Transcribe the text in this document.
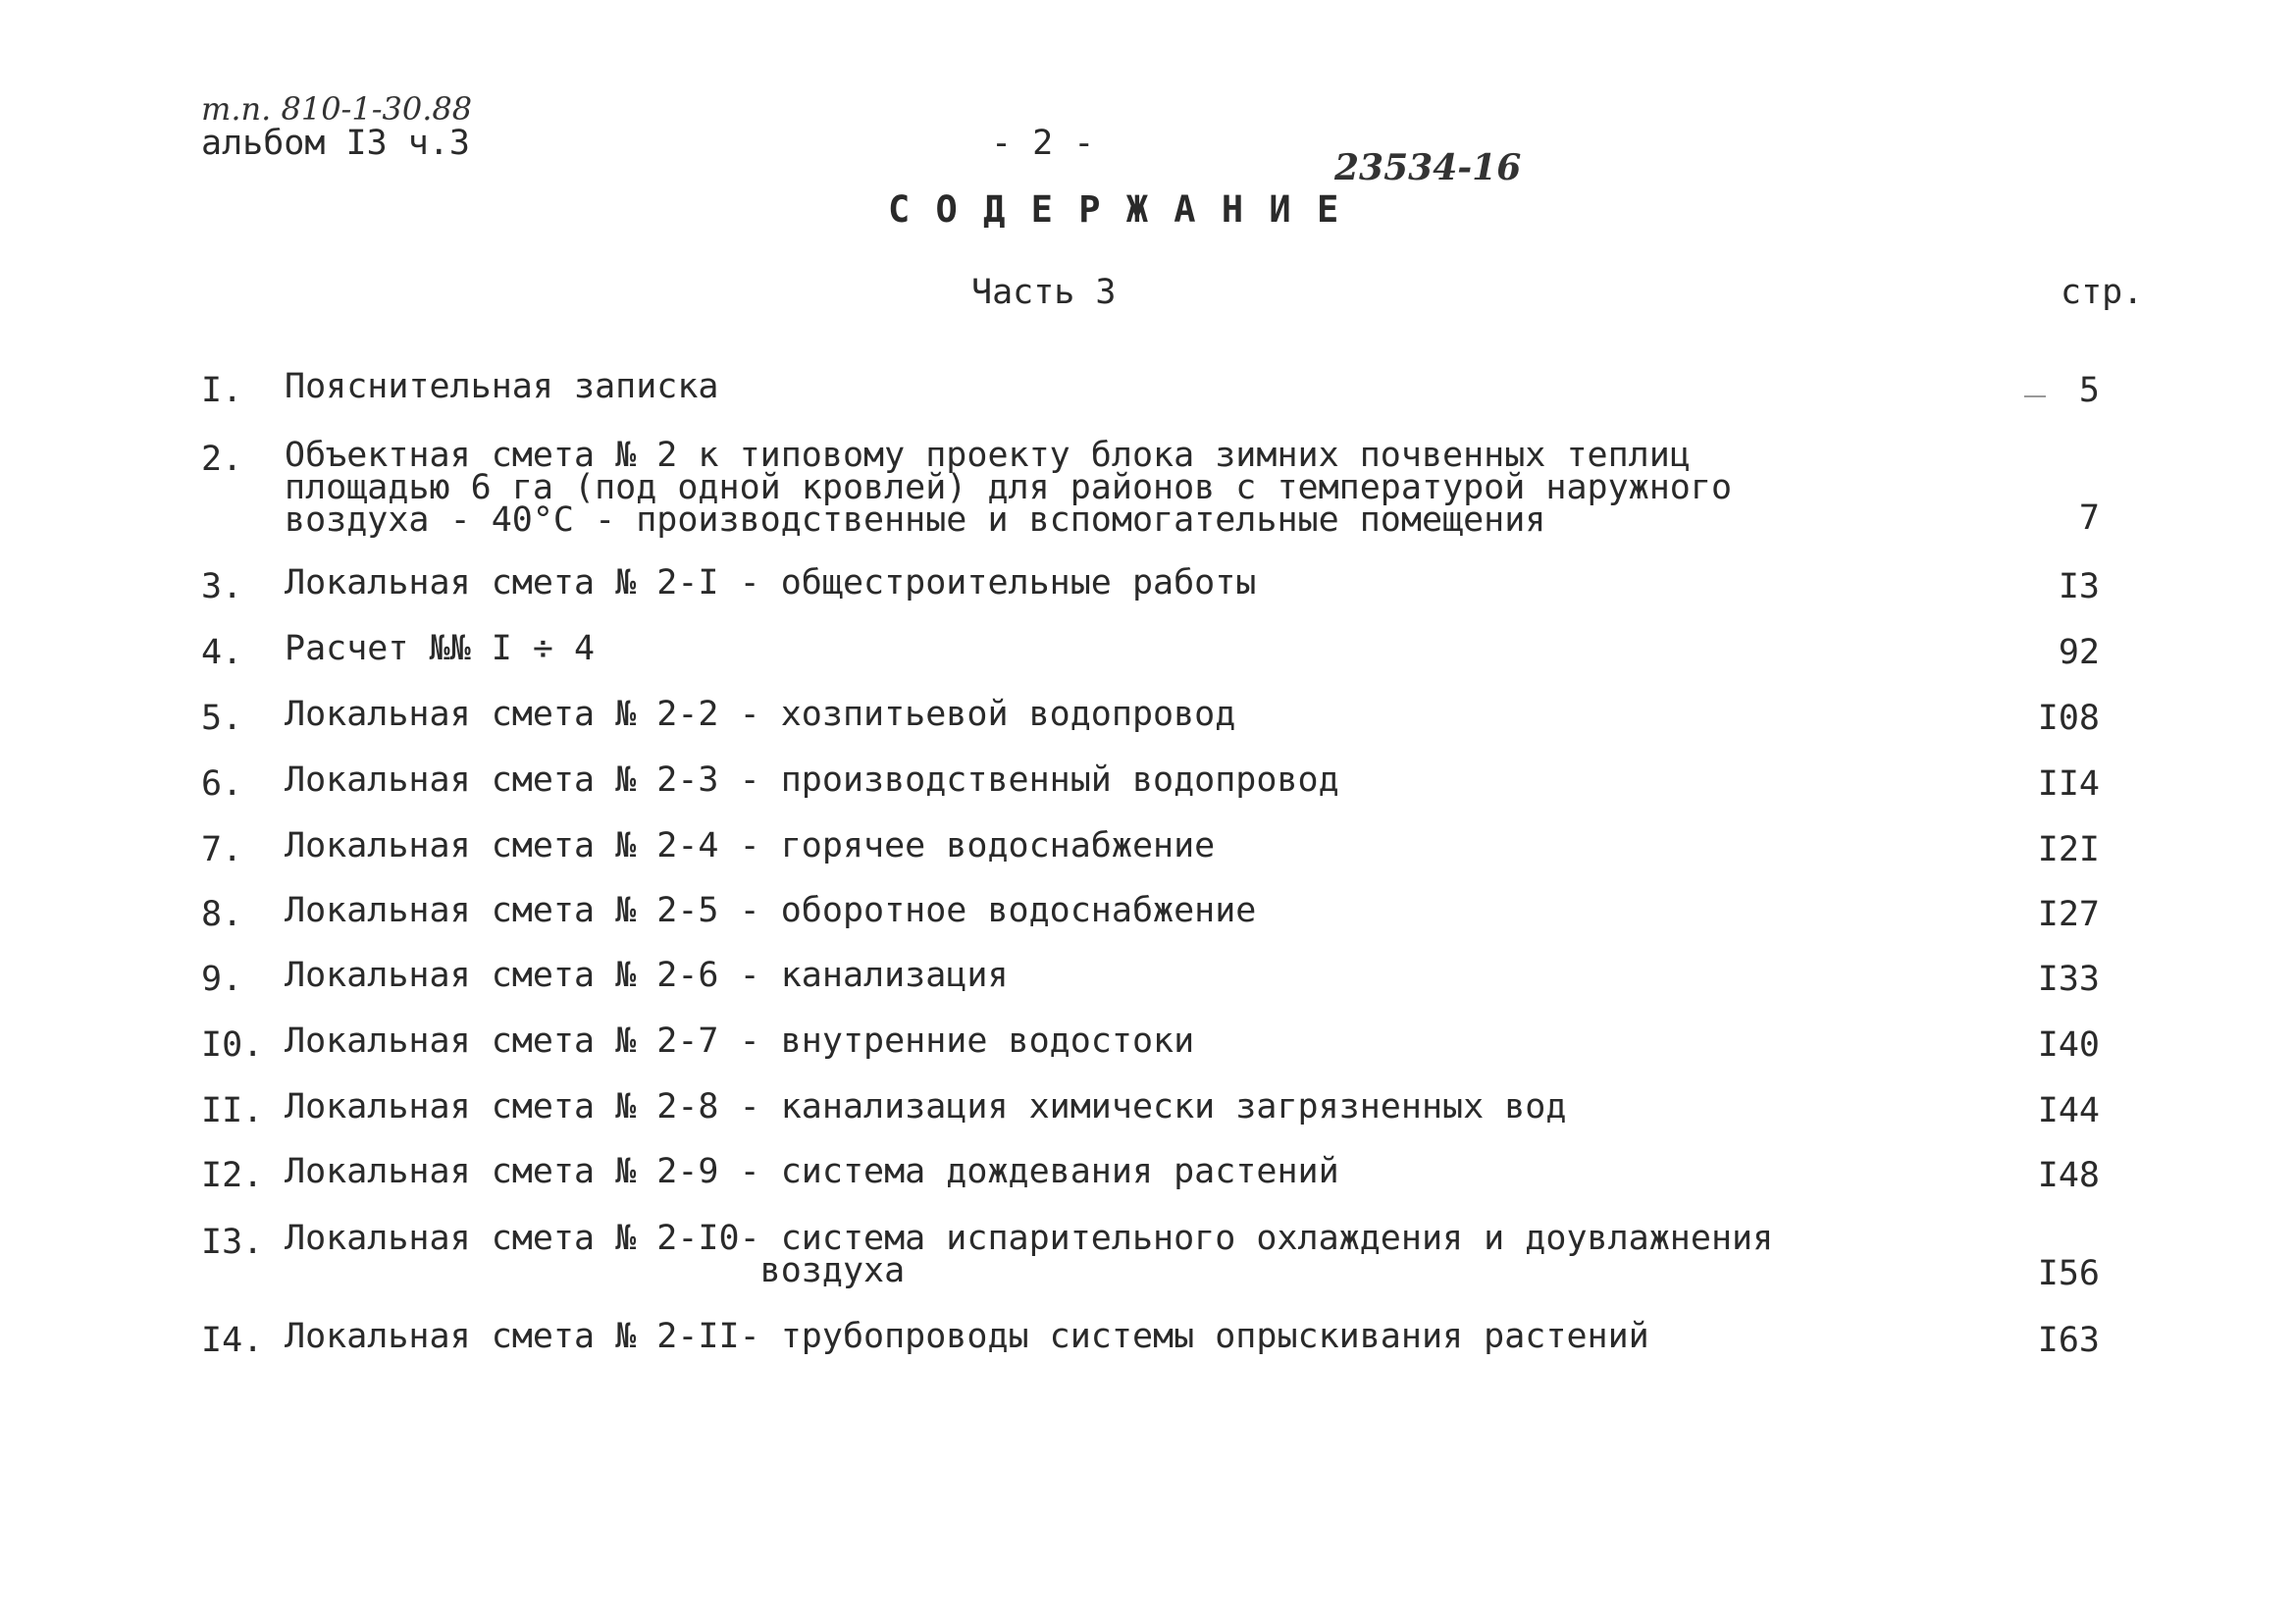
т.п. 810-1-30.88
альбом I3 ч.3	- 2 -
23534-16
С О Д Е Р Ж А Н И Е
Часть 3	стр.
I. Пояснительная записка	5
2. Объектная смета № 2 к типовому проекту блока зимних почвенных теплиц
площадью 6 га (под одной кровлей) для районов с температурой наружного
воздуха - 40°С - производственные и вспомогательные помещения	7
3. Локальная смета № 2-I - общестроительные работы	I3
4. Расчет №№ I ÷ 4	92
5. Локальная смета № 2-2 - хозпитьевой водопровод	I08
6. Локальная смета № 2-3 - производственный водопровод	II4
7. Локальная смета № 2-4 - горячее водоснабжение	I2I
8. Локальная смета № 2-5 - оборотное водоснабжение	I27
9. Локальная смета № 2-6 - канализация	I33
I0. Локальная смета № 2-7 - внутренние водостоки	I40
II. Локальная смета № 2-8 - канализация химически загрязненных вод	I44
I2. Локальная смета № 2-9 - система дождевания растений	I48
I3. Локальная смета № 2-I0- система испарительного охлаждения и доувлажнения
воздуха	I56
I4. Локальная смета № 2-II- трубопроводы системы опрыскивания растений	I63
